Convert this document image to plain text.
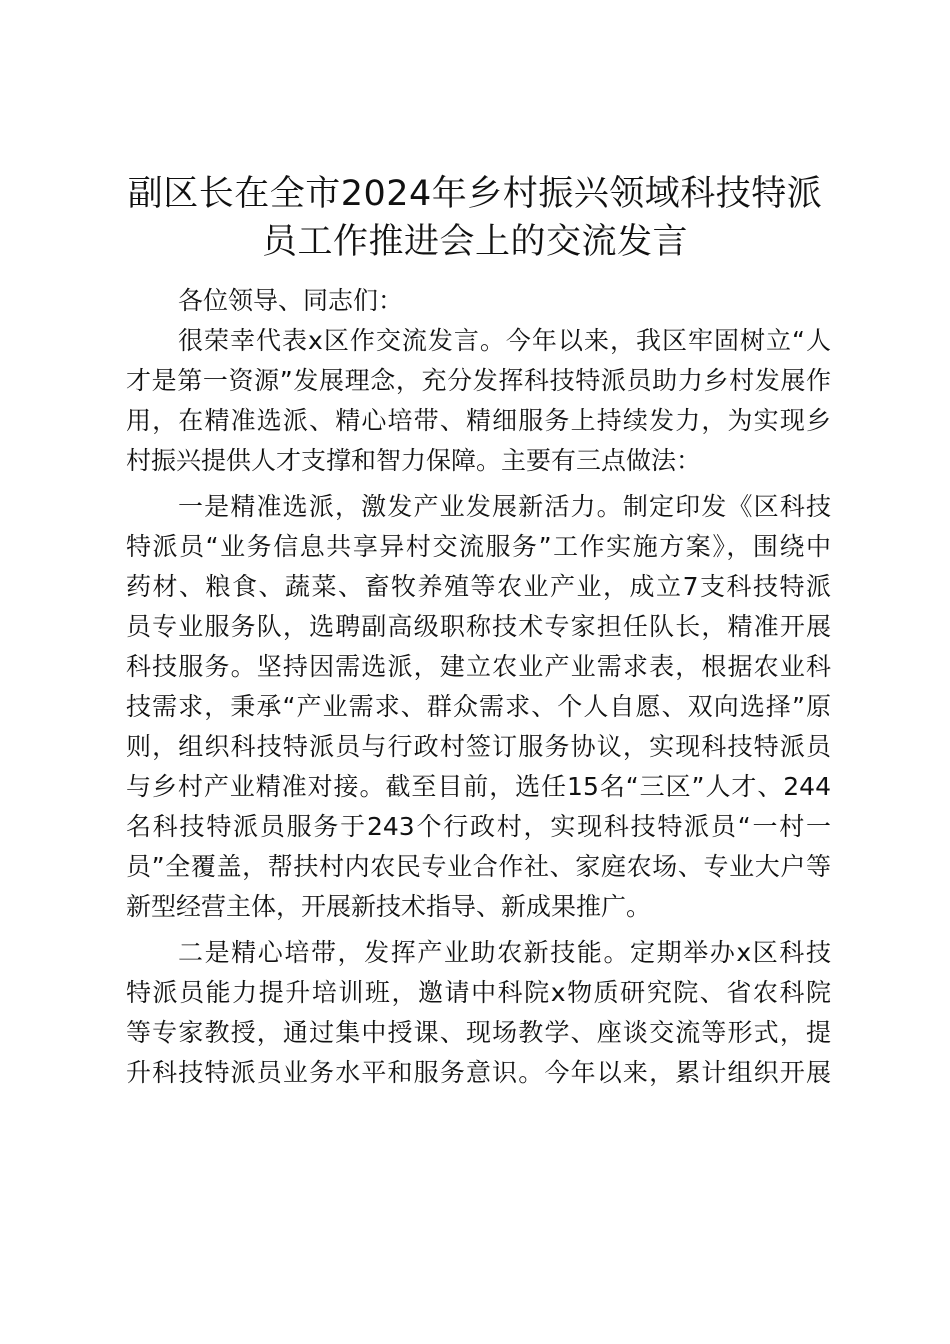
副区长在全市2024年乡村振兴领域科技特派
员工作推进会上的交流发言
各位领导、同志们：
很荣幸代表x区作交流发言。今年以来，我区牢固树立“人
才是第一资源”发展理念，充分发挥科技特派员助力乡村发展作
用，在精准选派、精心培带、精细服务上持续发力，为实现乡
村振兴提供人才支撑和智力保障。主要有三点做法：
一是精准选派，激发产业发展新活力。制定印发《区科技
特派员“业务信息共享异村交流服务”工作实施方案》，围绕中
药材、粮食、蔬菜、畜牧养殖等农业产业，成立7支科技特派
员专业服务队，选聘副高级职称技术专家担任队长，精准开展
科技服务。坚持因需选派，建立农业产业需求表，根据农业科
技需求，秉承“产业需求、群众需求、个人自愿、双向选择”原
则，组织科技特派员与行政村签订服务协议，实现科技特派员
与乡村产业精准对接。截至目前，选任15名“三区”人才、244
名科技特派员服务于243个行政村，实现科技特派员“一村一
员”全覆盖，帮扶村内农民专业合作社、家庭农场、专业大户等
新型经营主体，开展新技术指导、新成果推广。
二是精心培带，发挥产业助农新技能。定期举办x区科技
特派员能力提升培训班，邀请中科院x物质研究院、省农科院
等专家教授，通过集中授课、现场教学、座谈交流等形式，提
升科技特派员业务水平和服务意识。今年以来，累计组织开展
